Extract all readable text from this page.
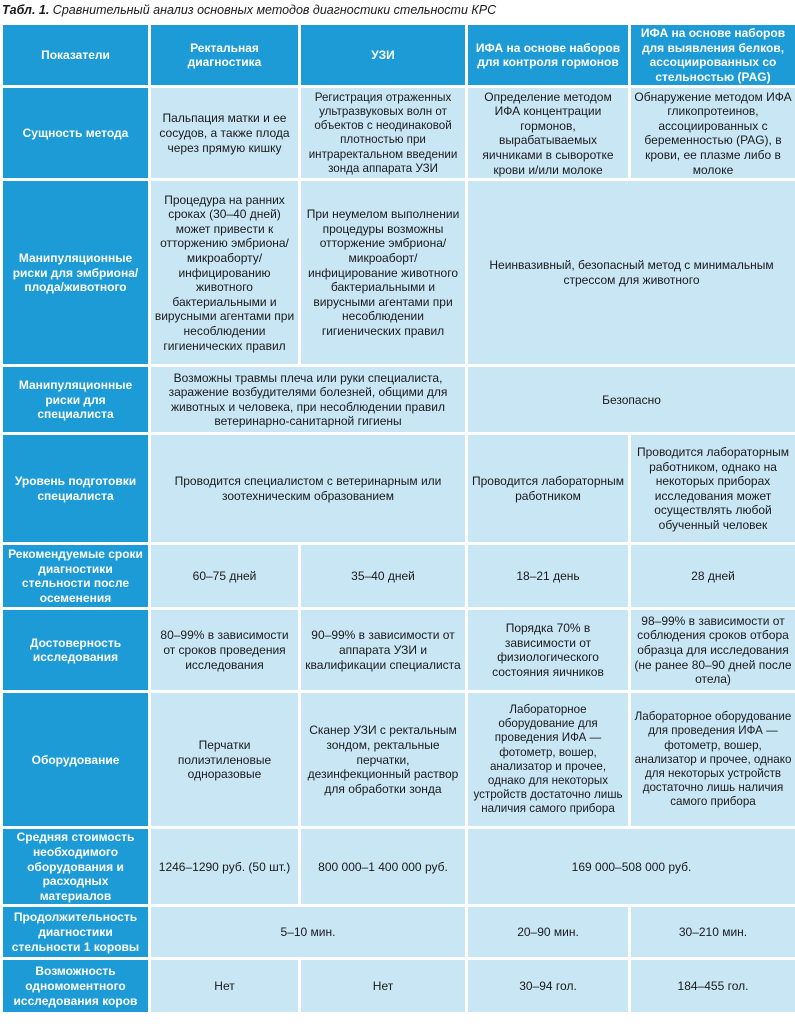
Табл. 1. Сравнительный анализ основных методов диагностики стельности КРС
Показатели	Ректальная диагностика	УЗИ	ИФА на основе наборов для контроля гормонов	ИФА на основе наборов для выявления белков, ассоциированных со стельностью (PAG)
Сущность метода	Пальпация матки и ее сосудов, а также плода через прямую кишку	Регистрация отраженных ультразвуковых волн от объектов с неодинаковой плотностью при интраректальном введении зонда аппарата УЗИ	Определение методом ИФА концентрации гормонов, вырабатываемых яичниками в сыворотке крови и/или молоке	Обнаружение методом ИФА гликопротеинов, ассоциированных с беременностью (PAG), в крови, ее плазме либо в молоке
Манипуляционные риски для эмбриона/ плода/животного	Процедура на ранних сроках (30–40 дней) может привести к отторжению эмбриона/ микроаборту/ инфицированию животного бактериальными и вирусными агентами при несоблюдении гигиенических правил	При неумелом выполнении процедуры возможны отторжение эмбриона/микроаборт/ инфицирование животного бактериальными и вирусными агентами при несоблюдении гигиенических правил	Неинвазивный, безопасный метод с минимальным стрессом для животного	
Манипуляционные риски для специалиста	Возможны травмы плеча или руки специалиста, заражение возбудителями болезней, общими для животных и человека, при несоблюдении правил ветеринарно-санитарной гигиены		Безопасно	
Уровень подготовки специалиста	Проводится специалистом с ветеринарным или зоотехническим образованием		Проводится лабораторным работником	Проводится лабораторным работником, однако на некоторых приборах исследования может осуществлять любой обученный человек
Рекомендуемые сроки диагностики стельности после осеменения	60–75 дней	35–40 дней	18–21 день	28 дней
Достоверность исследования	80–99% в зависимости от сроков проведения исследования	90–99% в зависимости от аппарата УЗИ и квалификации специалиста	Порядка 70% в зависимости от физиологического состояния яичников	98–99% в зависимости от соблюдения сроков отбора образца для исследования (не ранее 80–90 дней после отела)
Оборудование	Перчатки полиэтиленовые одноразовые	Сканер УЗИ с ректальным зондом, ректальные перчатки, дезинфекционный раствор для обработки зонда	Лабораторное оборудование для проведения ИФА — фотометр, вошер, анализатор и прочее, однако для некоторых устройств достаточно лишь наличия самого прибора	Лабораторное оборудование для проведения ИФА — фотометр, вошер, анализатор и прочее, однако для некоторых устройств достаточно лишь наличия самого прибора
Средняя стоимость необходимого оборудования и расходных материалов	1246–1290 руб. (50 шт.)	800 000–1 400 000 руб.	169 000–508 000 руб.	
Продолжительность диагностики стельности 1 коровы	5–10 мин.		20–90 мин.	30–210 мин.
Возможность одномоментного исследования коров	Нет	Нет	30–94 гол.	184–455 гол.
